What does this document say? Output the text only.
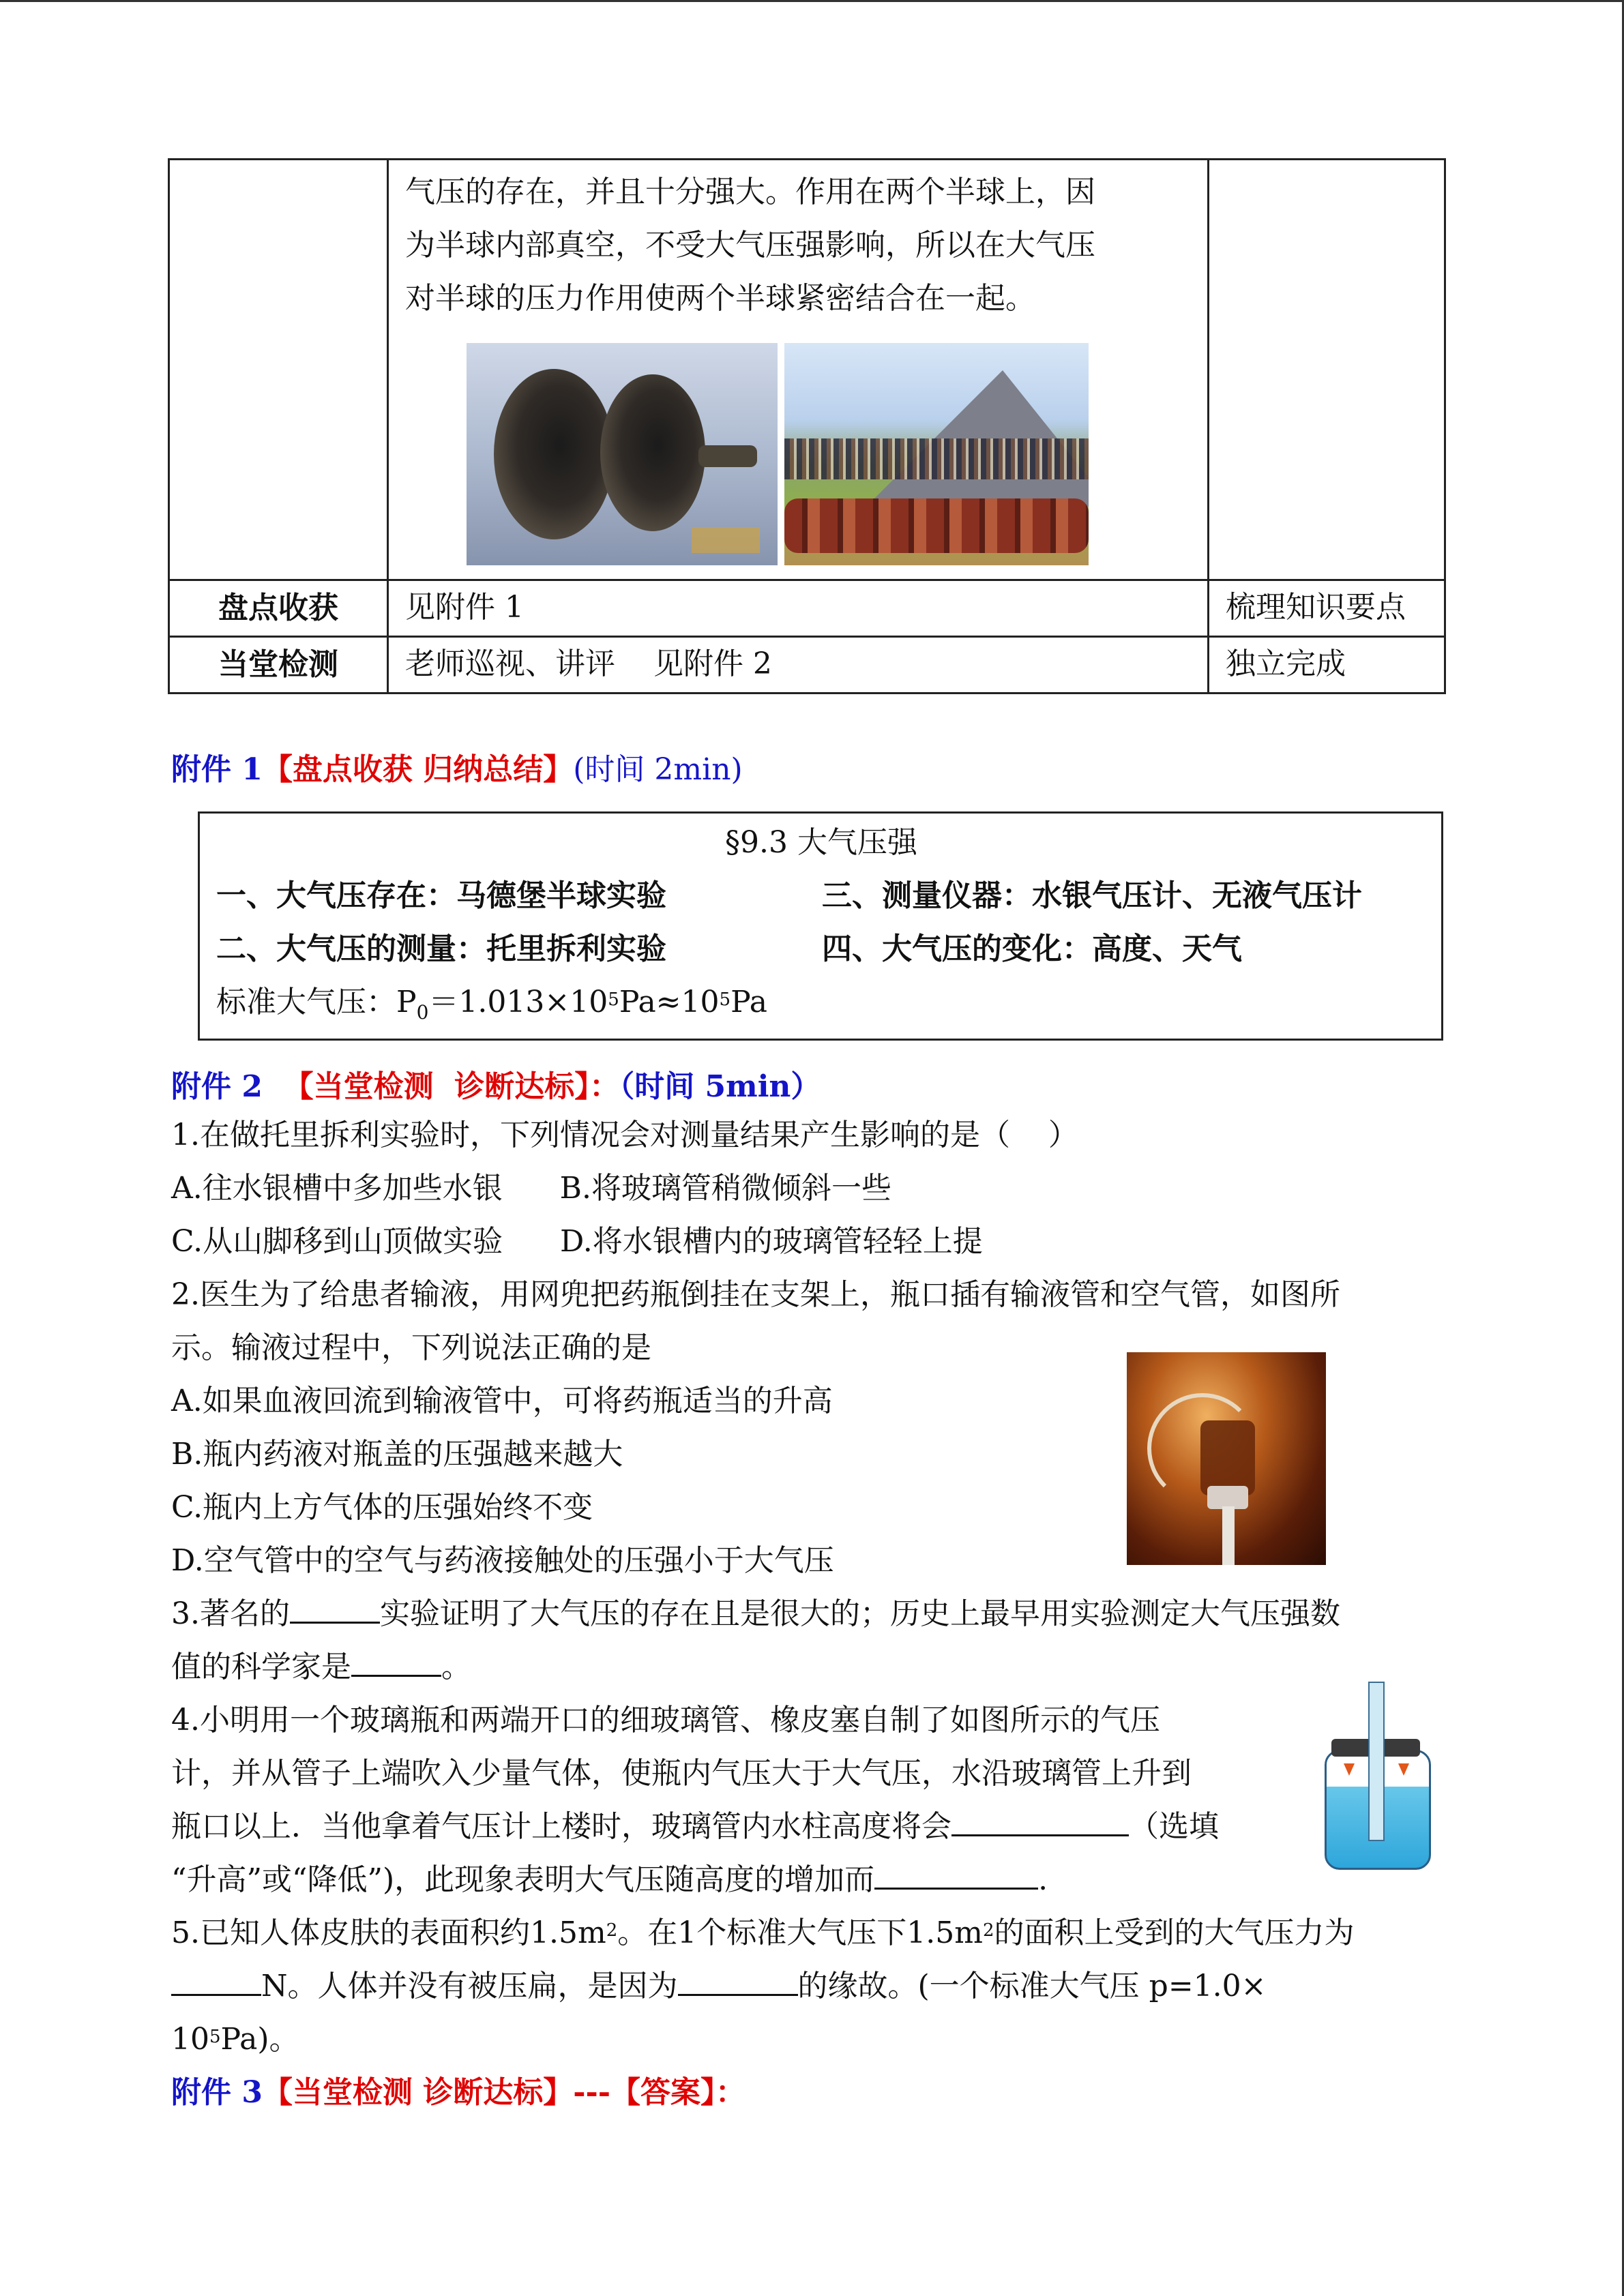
	气压的存在，并且十分强大。作用在两个半球上，因

为半球内部真空，不受大气压强影响，所以在大气压

对半球的压力作用使两个半球紧密结合在一起。	

盘点收获	见附件 1	梳理知识要点
当堂检测	老师巡视、讲评    见附件 2	独立完成

附件 1【盘点收获 归纳总结】(时间 2min)

§9.3 大气压强
一、大气压存在：马德堡半球实验	三、测量仪器：水银气压计、无液气压计
二、大气压的测量：托里拆利实验	四、大气压的变化：高度、天气
标准大气压：$P_0=1.013\times 10^5Pa\approx 10^5Pa$

附件 2  【当堂检测  诊断达标】：（时间 5min）

1.在做托里拆利实验时，下列情况会对测量结果产生影响的是（    ）

A.往水银槽中多加些水银      B.将玻璃管稍微倾斜一些

C.从山脚移到山顶做实验      D.将水银槽内的玻璃管轻轻上提

2.医生为了给患者输液，用网兜把药瓶倒挂在支架上，瓶口插有输液管和空气管，如图所

示。输液过程中，下列说法正确的是

A.如果血液回流到输液管中，可将药瓶适当的升高

B.瓶内药液对瓶盖的压强越来越大

C.瓶内上方气体的压强始终不变

D.空气管中的空气与药液接触处的压强小于大气压

3.著名的	实验证明了大气压的存在且是很大的；历史上最早用实验测定大气压强数

值的科学家是	。

4.小明用一个玻璃瓶和两端开口的细玻璃管、橡皮塞自制了如图所示的气压

计，并从管子上端吹入少量气体，使瓶内气压大于大气压，水沿玻璃管上升到

瓶口以上．当他拿着气压计上楼时，玻璃管内水柱高度将会	（选填

“升高”或“降低”)，此现象表明大气压随高度的增加而	.

5.已知人体皮肤的表面积约$1.5m^2$。在1个标准大气压下$1.5m^2$的面积上受到的大气压力为

N。人体并没有被压扁，是因为	的缘故。(一个标准大气压 p=1.0×

$10^5Pa$)。

附件 3【当堂检测 诊断达标】---【答案】：
